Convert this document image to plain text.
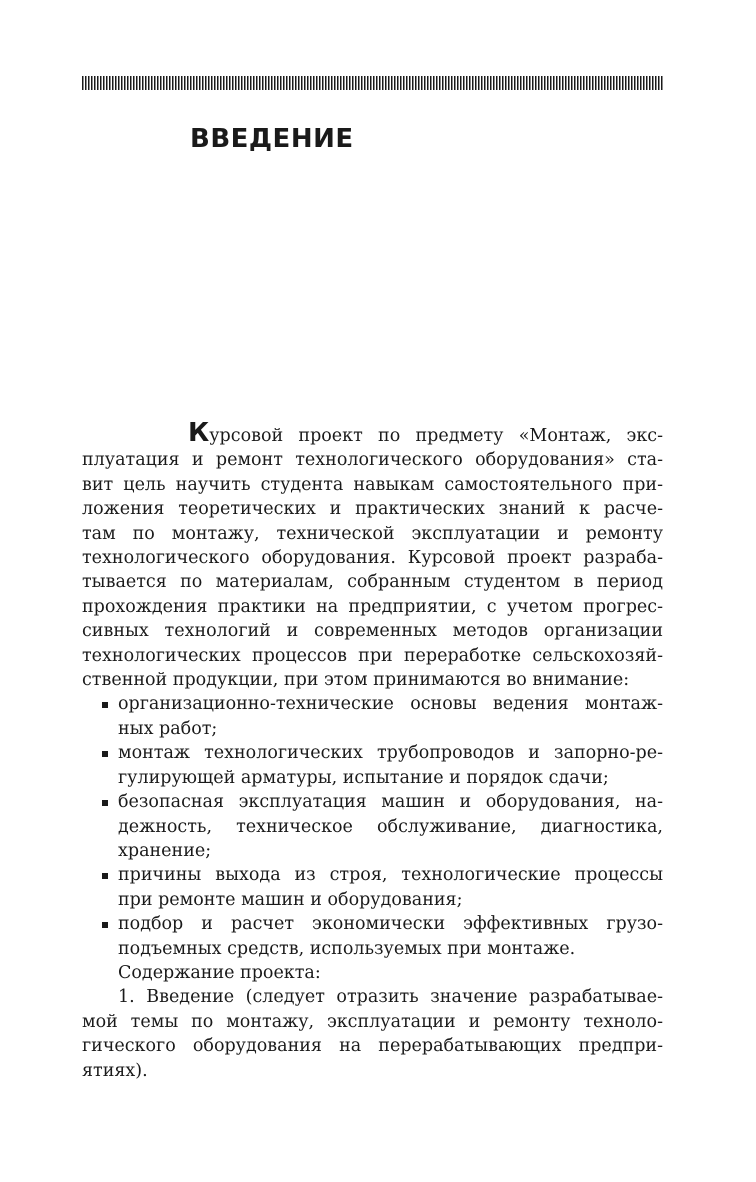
ВВЕДЕНИЕ

Курсовой проект по предмету «Монтаж, экс-

плуатация и ремонт технологического оборудования» ста-

вит цель научить студента навыкам самостоятельного при-

ложения теоретических и практических знаний к расче-

там по монтажу, технической эксплуатации и ремонту

технологического оборудования. Курсовой проект разраба-

тывается по материалам, собранным студентом в период

прохождения практики на предприятии, с учетом прогрес-

сивных технологий и современных методов организации

технологических процессов при переработке сельскохозяй-

ственной продукции, при этом принимаются во внимание:

организационно-технические основы ведения монтаж-

ных работ;

монтаж технологических трубопроводов и запорно-ре-

гулирующей арматуры, испытание и порядок сдачи;

безопасная эксплуатация машин и оборудования, на-

дежность, техническое обслуживание, диагностика,

хранение;

причины выхода из строя, технологические процессы

при ремонте машин и оборудования;

подбор и расчет экономически эффективных грузо-

подъемных средств, используемых при монтаже.

Содержание проекта:

1. Введение (следует отразить значение разрабатывае-

мой темы по монтажу, эксплуатации и ремонту техноло-

гического оборудования на перерабатывающих предпри-

ятиях).
